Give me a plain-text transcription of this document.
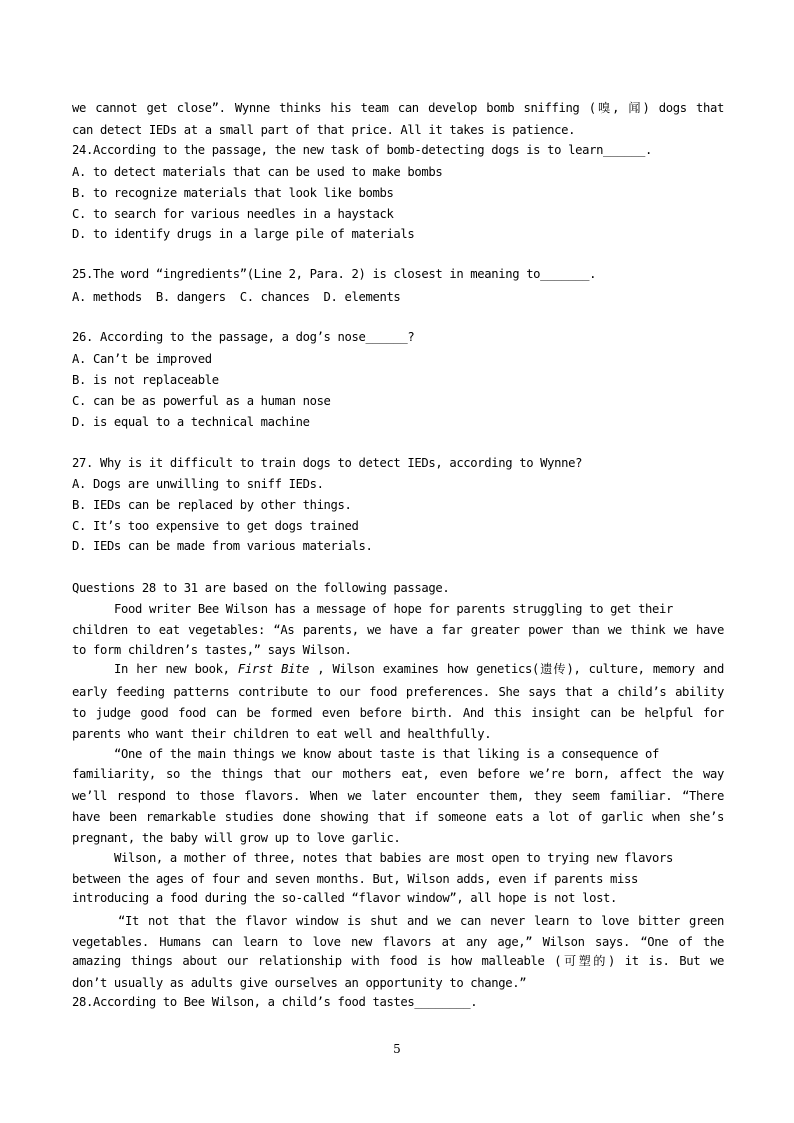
we cannot get close”. Wynne thinks his team can develop bomb sniffing (嗅, 闻) dogs that
can detect IEDs at a small part of that price. All it takes is patience.
24.According to the passage, the new task of bomb-detecting dogs is to learn______.
A. to detect materials that can be used to make bombs
B. to recognize materials that look like bombs
C. to search for various needles in a haystack
D. to identify drugs in a large pile of materials
25.The word “ingredients”(Line 2, Para. 2) is closest in meaning to_______.
A. methods  B. dangers  C. chances  D. elements
26. According to the passage, a dog’s nose______?
A. Can’t be improved
B. is not replaceable
C. can be as powerful as a human nose
D. is equal to a technical machine
27. Why is it difficult to train dogs to detect IEDs, according to Wynne?
A. Dogs are unwilling to sniff IEDs.
B. IEDs can be replaced by other things.
C. It’s too expensive to get dogs trained
D. IEDs can be made from various materials.
Questions 28 to 31 are based on the following passage.
Food writer Bee Wilson has a message of hope for parents struggling to get their
children to eat vegetables: “As parents, we have a far greater power than we think we have
to form children’s tastes,” says Wilson.
In her new book, First Bite , Wilson examines how genetics(遗传), culture, memory and
early feeding patterns contribute to our food preferences. She says that a child’s ability
to judge good food can be formed even before birth. And this insight can be helpful for
parents who want their children to eat well and healthfully.
“One of the main things we know about taste is that liking is a consequence of
familiarity, so the things that our mothers eat, even before we’re born, affect the way
we’ll respond to those flavors. When we later encounter them, they seem familiar. “There
have been remarkable studies done showing that if someone eats a lot of garlic when she’s
pregnant, the baby will grow up to love garlic.
Wilson, a mother of three, notes that babies are most open to trying new flavors
between the ages of four and seven months. But, Wilson adds, even if parents miss
introducing a food during the so-called “flavor window”, all hope is not lost.
“It not that the flavor window is shut and we can never learn to love bitter green
vegetables. Humans can learn to love new flavors at any age,” Wilson says. “One of the
amazing things about our relationship with food is how malleable (可塑的) it is. But we
don’t usually as adults give ourselves an opportunity to change.”
28.According to Bee Wilson, a child’s food tastes________.
5
